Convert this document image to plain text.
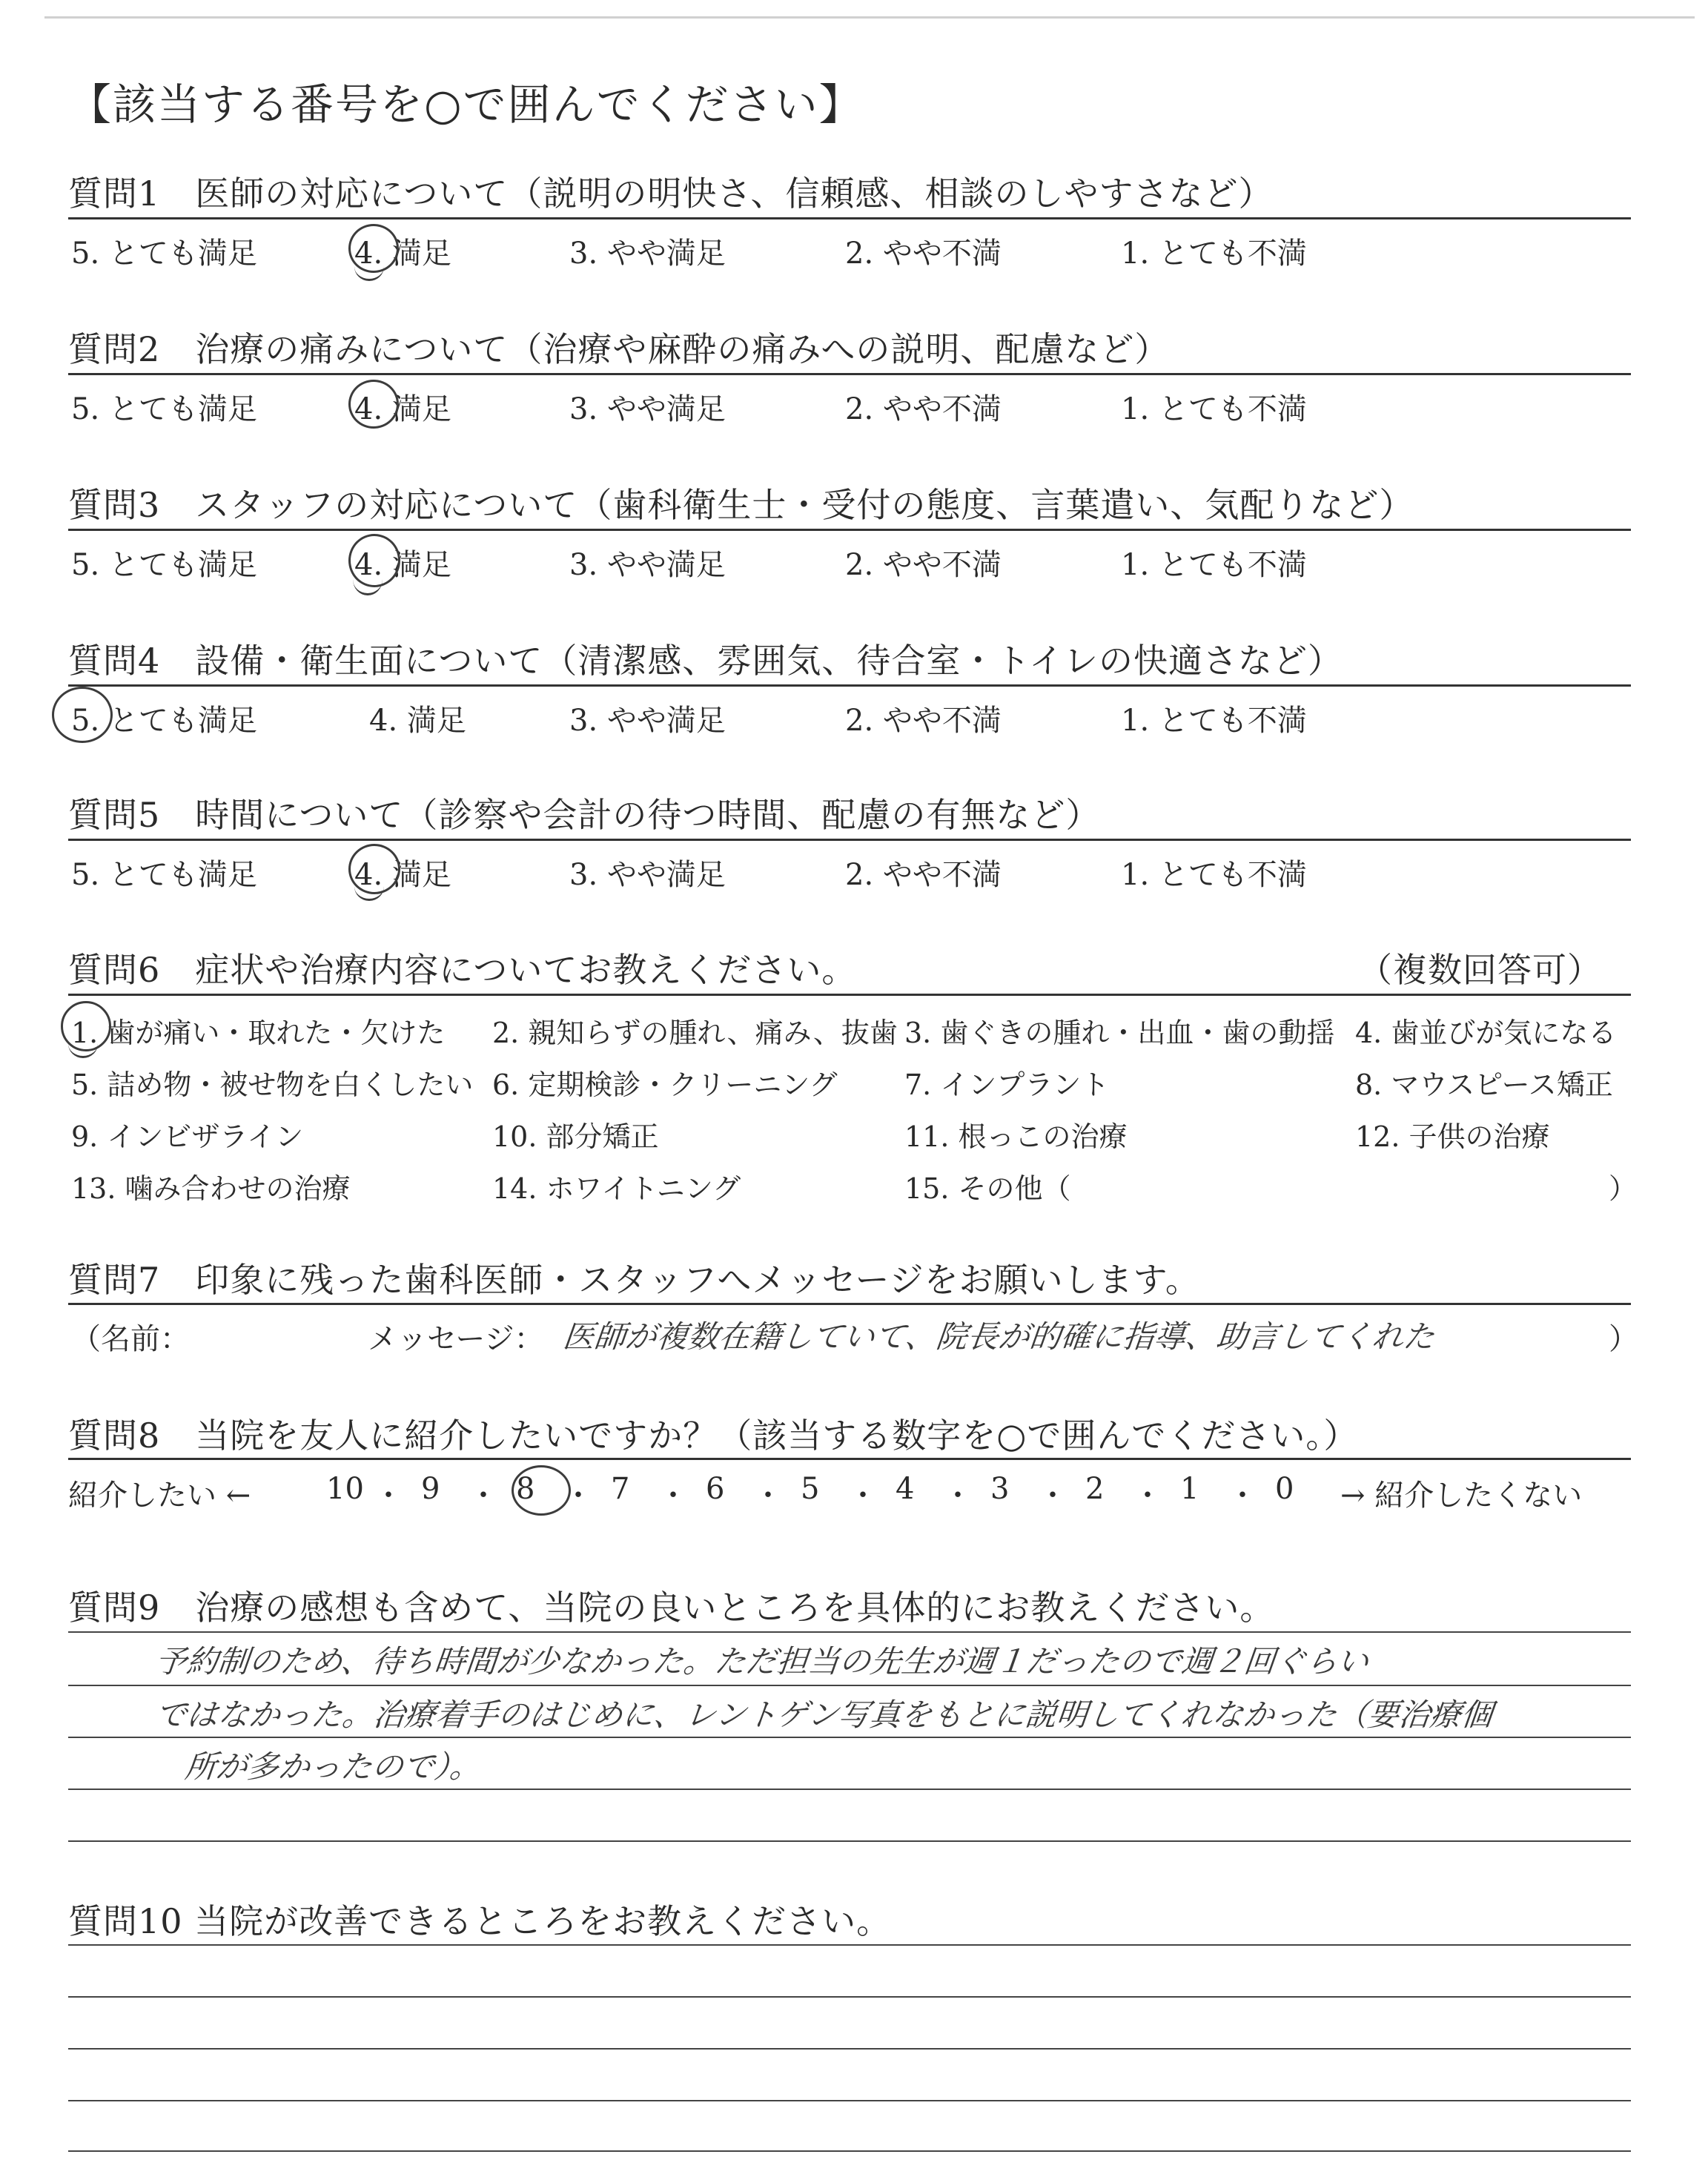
【該当する番号を○で囲んでください】
質問1　医師の対応について（説明の明快さ、信頼感、相談のしやすさなど）
5. とても満足	4. 満足	3. やや満足	2. やや不満	1. とても不満
質問2　治療の痛みについて（治療や麻酔の痛みへの説明、配慮など）
5. とても満足	4. 満足	3. やや満足	2. やや不満	1. とても不満
質問3　スタッフの対応について（歯科衛生士・受付の態度、言葉遣い、気配りなど）
5. とても満足	4. 満足	3. やや満足	2. やや不満	1. とても不満
質問4　設備・衛生面について（清潔感、雰囲気、待合室・トイレの快適さなど）
5. とても満足	4. 満足	3. やや満足	2. やや不満	1. とても不満
質問5　時間について（診察や会計の待つ時間、配慮の有無など）
5. とても満足	4. 満足	3. やや満足	2. やや不満	1. とても不満
質問6　症状や治療内容についてお教えください。	（複数回答可）
1. 歯が痛い・取れた・欠けた 2. 親知らずの腫れ、痛み、抜歯 3. 歯ぐきの腫れ・出血・歯の動揺 4. 歯並びが気になる
5. 詰め物・被せ物を白くしたい 6. 定期検診・クリーニング 7. インプラント	8. マウスピース矯正
9. インビザライン	10. 部分矯正	11. 根っこの治療	12. 子供の治療
13. 噛み合わせの治療	14. ホワイトニング	15. その他（	）
質問7　印象に残った歯科医師・スタッフへメッセージをお願いします。
（名前：	メッセージ： 医師が複数在籍していて、院長が的確に指導、助言してくれた	）
質問8　当院を友人に紹介したいですか？（該当する数字を○で囲んでください。）
紹介したい ←	10 ・ 9 ・ 8 ・ 7 ・ 6 ・ 5 ・ 4 ・ 3 ・ 2 ・ 1 ・ 0 → 紹介したくない
質問9　治療の感想も含めて、当院の良いところを具体的にお教えください。
予約制のため、待ち時間が少なかった。ただ担当の先生が週１だったので週２回ぐらい
ではなかった。治療着手のはじめに、レントゲン写真をもとに説明してくれなかった（要治療個
所が多かったので）。
質問10 当院が改善できるところをお教えください。
